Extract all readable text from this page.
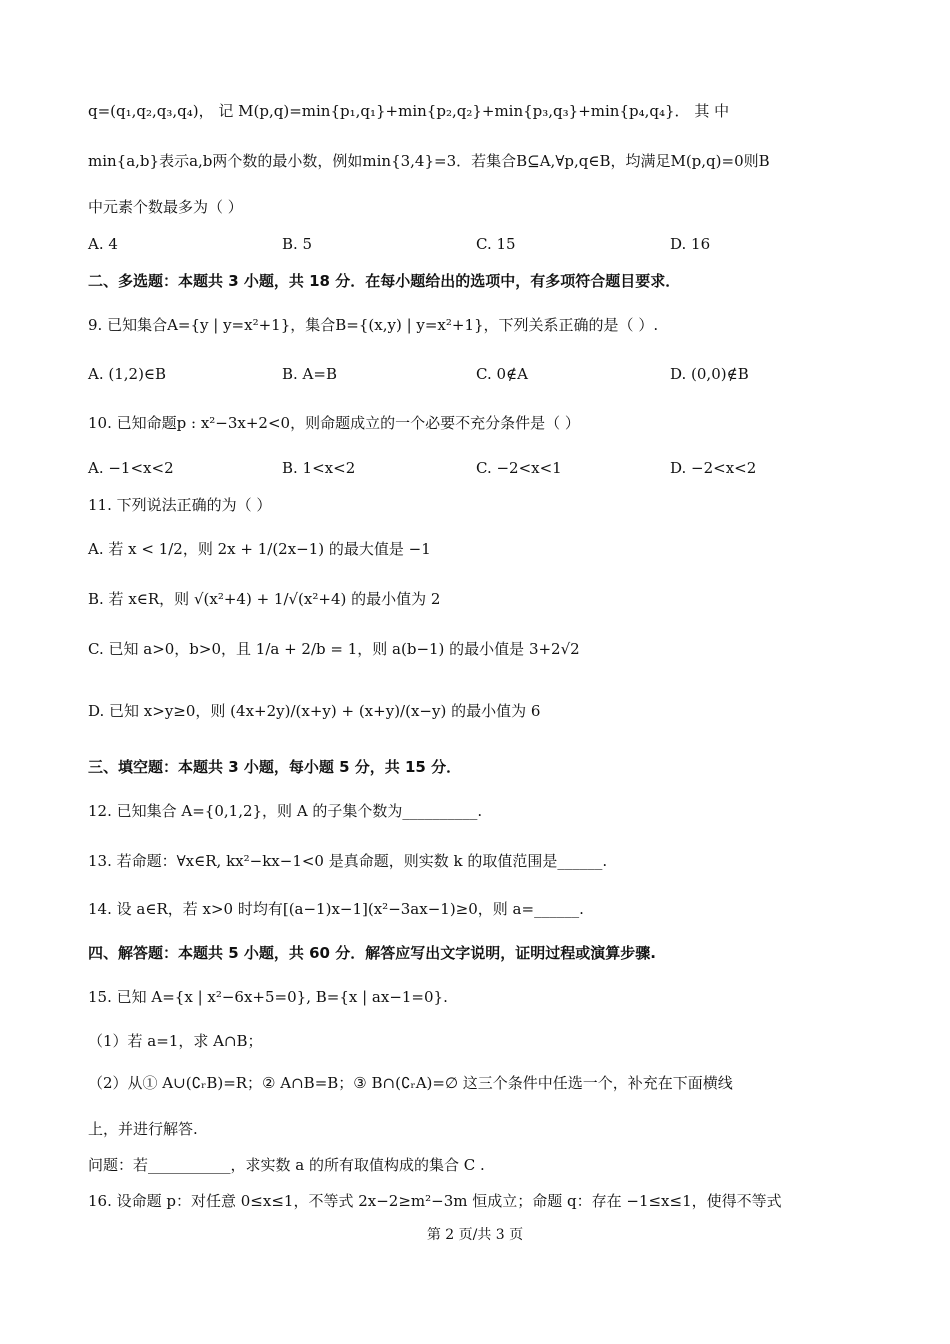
q=(q₁,q₂,q₃,q₄)， 记 M(p,q)=min{p₁,q₁}+min{p₂,q₂}+min{p₃,q₃}+min{p₄,q₄}． 其 中
min{a,b}表示a,b两个数的最小数，例如min{3,4}=3．若集合B⊆A,∀p,q∈B，均满足M(p,q)=0则B
中元素个数最多为（ ）
A. 4	B. 5	C. 15	D. 16
二、多选题：本题共 3 小题，共 18 分．在每小题给出的选项中，有多项符合题目要求．
9. 已知集合A={y | y=x²+1}，集合B={(x,y) | y=x²+1}，下列关系正确的是（ ）.
A. (1,2)∈B	B. A=B	C. 0∉A	D. (0,0)∉B
10. 已知命题p : x²−3x+2<0，则命题成立的一个必要不充分条件是（ ）
A. −1<x<2	B. 1<x<2	C. −2<x<1	D. −2<x<2
11. 下列说法正确的为（ ）
A. 若 x < 1/2，则 2x + 1/(2x−1) 的最大值是 −1
B. 若 x∈R，则 √(x²+4) + 1/√(x²+4) 的最小值为 2
C. 已知 a>0，b>0，且 1/a + 2/b = 1，则 a(b−1) 的最小值是 3+2√2
D. 已知 x>y≥0，则 (4x+2y)/(x+y) + (x+y)/(x−y) 的最小值为 6
三、填空题：本题共 3 小题，每小题 5 分，共 15 分．
12. 已知集合 A={0,1,2}，则 A 的子集个数为__________.
13. 若命题：∀x∈R, kx²−kx−1<0 是真命题，则实数 k 的取值范围是______.
14. 设 a∈R，若 x>0 时均有[(a−1)x−1](x²−3ax−1)≥0，则 a=______.
四、解答题：本题共 5 小题，共 60 分．解答应写出文字说明，证明过程或演算步骤.
15. 已知 A={x | x²−6x+5=0}, B={x | ax−1=0}.
（1）若 a=1，求 A∩B；
（2）从① A∪(∁ᵣB)=R；② A∩B=B；③ B∩(∁ᵣA)=∅ 这三个条件中任选一个，补充在下面横线
上，并进行解答.
问题：若___________，求实数 a 的所有取值构成的集合 C .
16. 设命题 p：对任意 0≤x≤1，不等式 2x−2≥m²−3m 恒成立；命题 q：存在 −1≤x≤1，使得不等式
第 2 页/共 3 页
